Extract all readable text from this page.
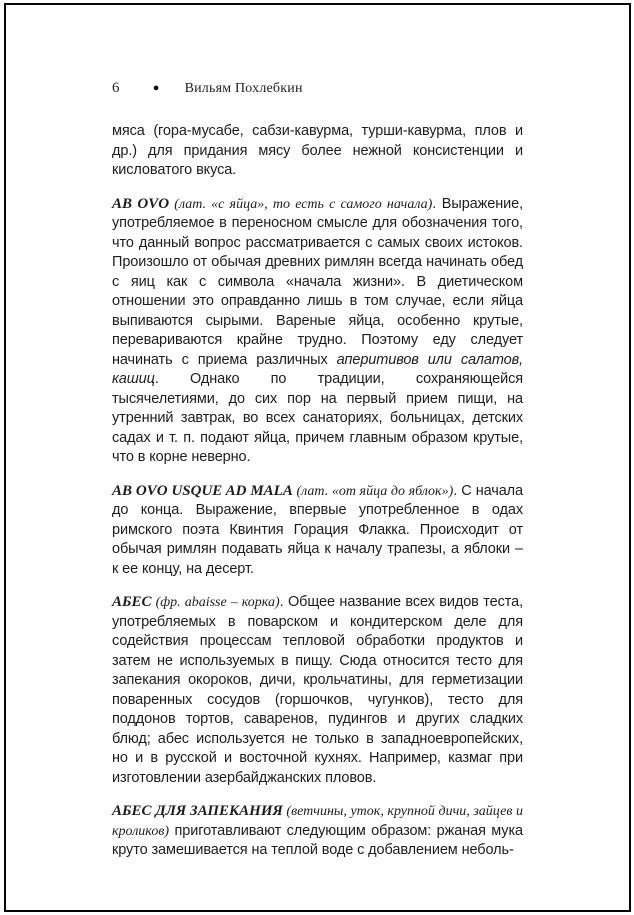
6	● Вильям Похлебкин

мяса (гора-мусабе, сабзи-кавурма, турши-кавурма, плов и др.) для придания мясу более нежной консистенции и кисловатого вкуса.

AB OVO (лат. «с яйца», то есть с самого начала). Выражение, употребляемое в переносном смысле для обозначения того, что данный вопрос рассматривается с самых своих истоков. Произошло от обычая древних римлян всегда начинать обед с яиц как с символа «начала жизни». В диетическом отношении это оправданно лишь в том случае, если яйца выпиваются сырыми. Вареные яйца, особенно крутые, перевариваются крайне трудно. Поэтому еду следует начинать с приема различных аперитивов или салатов, кашиц. Однако по традиции, сохраняющейся тысячелетиями, до сих пор на первый прием пищи, на утренний завтрак, во всех санаториях, больницах, детских садах и т. п. подают яйца, причем главным образом крутые, что в корне неверно.

AB OVO USQUE AD MALA (лат. «от яйца до яблок»). С начала до конца. Выражение, впервые употребленное в одах римского поэта Квинтия Горация Флакка. Происходит от обычая римлян подавать яйца к началу трапезы, а яблоки – к ее концу, на десерт.

АБЕС (фр. abaisse – корка). Общее название всех видов теста, употребляемых в поварском и кондитерском деле для содействия процессам тепловой обработки продуктов и затем не используемых в пищу. Сюда относится тесто для запекания окороков, дичи, крольчатины, для герметизации поваренных сосудов (горшочков, чугунков), тесто для поддонов тортов, саваренов, пудингов и других сладких блюд; абес используется не только в западноевропейских, но и в русской и восточной кухнях. Например, казмаг при изготовлении азербайджанских пловов.

АБЕС ДЛЯ ЗАПЕКАНИЯ (ветчины, уток, крупной дичи, зайцев и кроликов) приготавливают следующим образом: ржаная мука круто замешивается на теплой воде с добавлением неболь-
